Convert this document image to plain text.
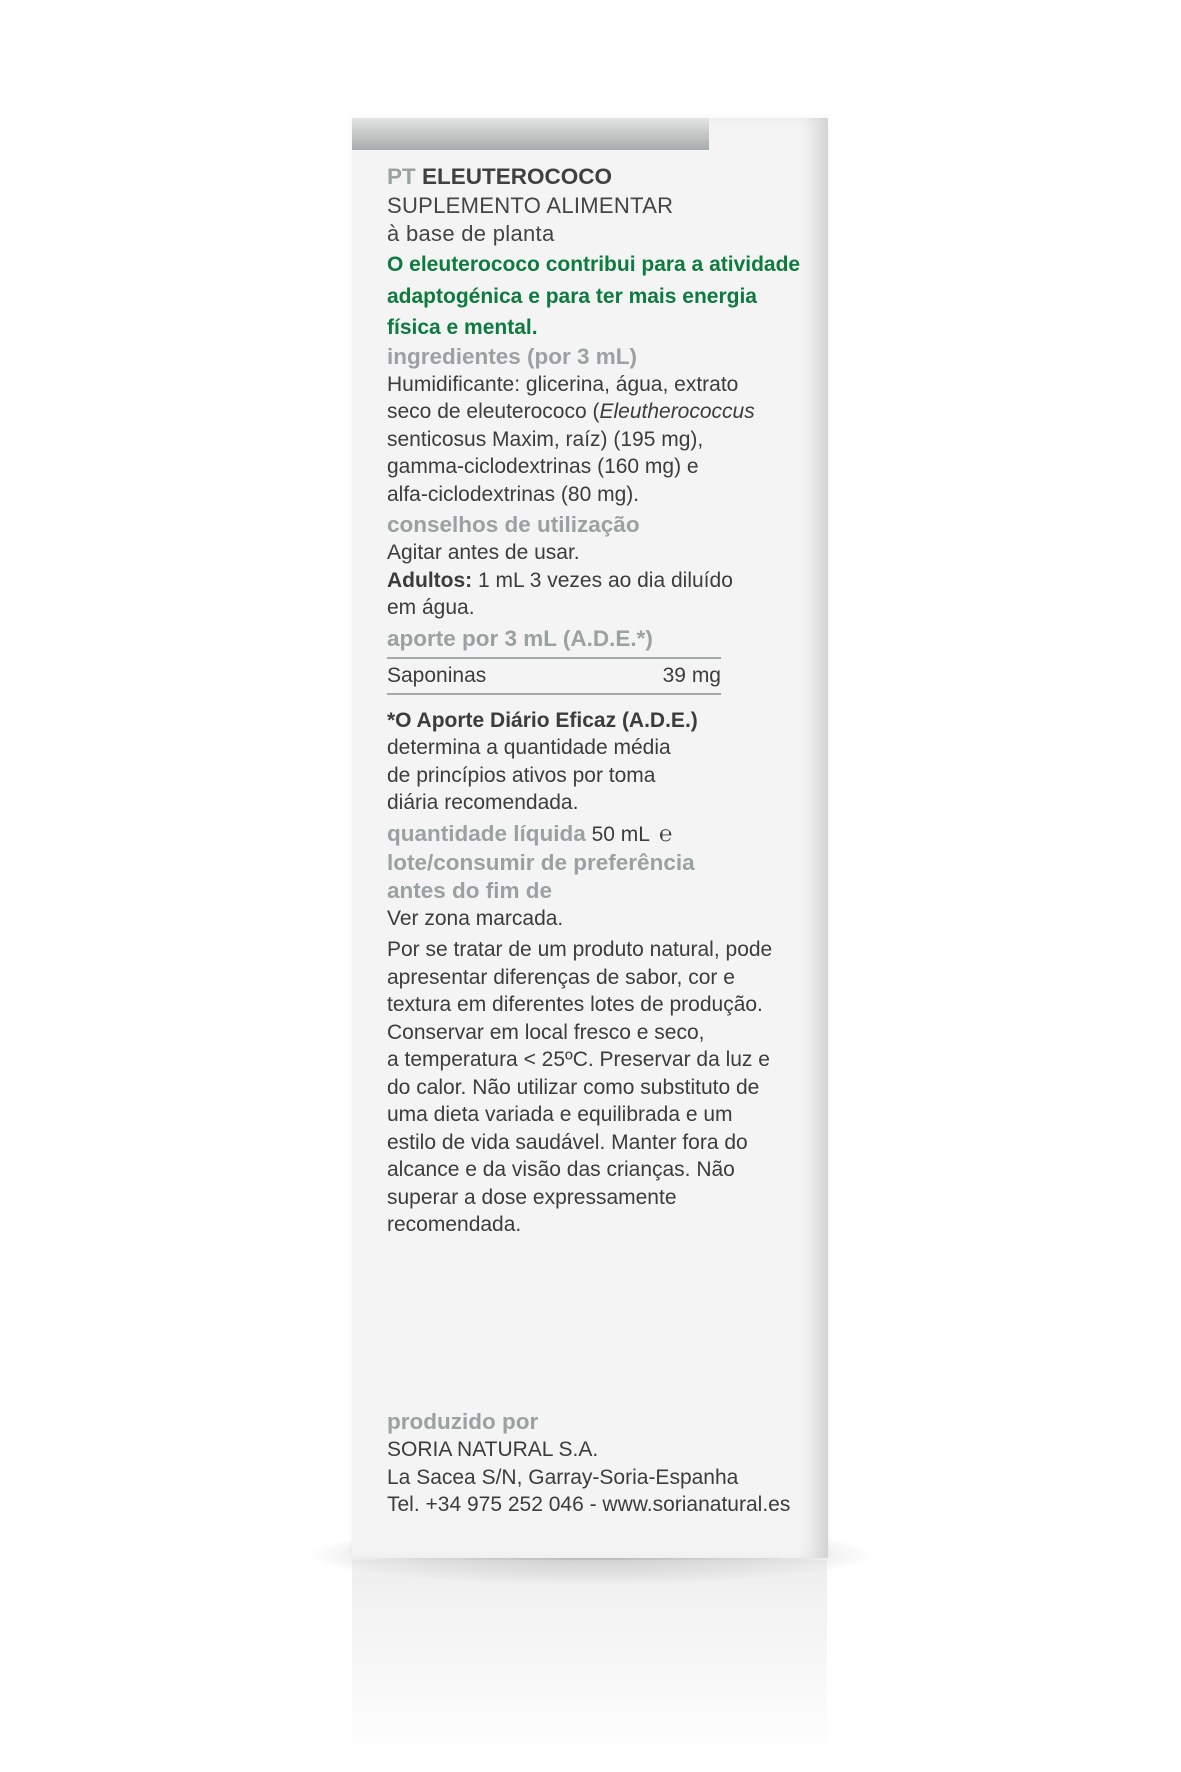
PT ELEUTEROCOCO
SUPLEMENTO ALIMENTAR
à base de planta
O eleuterococo contribui para a atividade
adaptogénica e para ter mais energia
física e mental.
ingredientes (por 3 mL)
Humidificante: glicerina, água, extrato
seco de eleuterococo (Eleutherococcus
senticosus Maxim, raíz) (195 mg),
gamma-ciclodextrinas (160 mg) e
alfa-ciclodextrinas (80 mg).
conselhos de utilização
Agitar antes de usar.
Adultos: 1 mL 3 vezes ao dia diluído
em água.
aporte por 3 mL (A.D.E.*)
Saponinas	39 mg
*O Aporte Diário Eficaz (A.D.E.)
determina a quantidade média
de princípios ativos por toma
diária recomendada.
quantidade líquida 50 mL ℮
lote/consumir de preferência
antes do fim de
Ver zona marcada.
Por se tratar de um produto natural, pode
apresentar diferenças de sabor, cor e
textura em diferentes lotes de produção.
Conservar em local fresco e seco,
a temperatura < 25ºC. Preservar da luz e
do calor. Não utilizar como substituto de
uma dieta variada e equilibrada e um
estilo de vida saudável. Manter fora do
alcance e da visão das crianças. Não
superar a dose expressamente
recomendada.
produzido por
SORIA NATURAL S.A.
La Sacea S/N, Garray-Soria-Espanha
Tel. +34 975 252 046 - www.sorianatural.es
